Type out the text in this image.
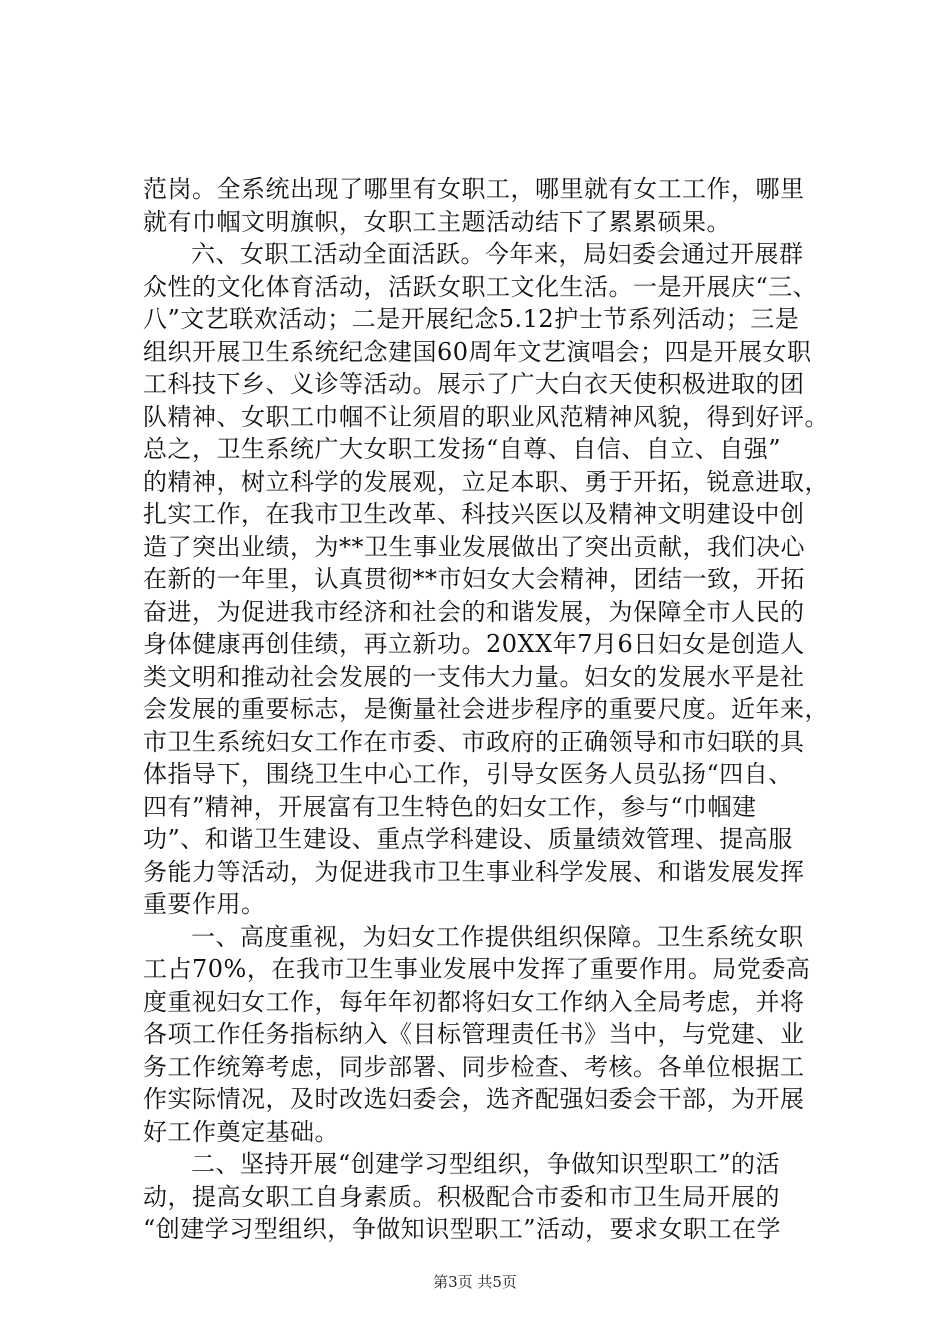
范岗。全系统出现了哪里有女职工，哪里就有女工工作，哪里
就有巾帼文明旗帜，女职工主题活动结下了累累硕果。
六、女职工活动全面活跃。今年来，局妇委会通过开展群
众性的文化体育活动，活跃女职工文化生活。一是开展庆“三、
八”文艺联欢活动；二是开展纪念5.12护士节系列活动；三是
组织开展卫生系统纪念建国60周年文艺演唱会；四是开展女职
工科技下乡、义诊等活动。展示了广大白衣天使积极进取的团
队精神、女职工巾帼不让须眉的职业风范精神风貌，得到好评。
总之，卫生系统广大女职工发扬“自尊、自信、自立、自强”
的精神，树立科学的发展观，立足本职、勇于开拓，锐意进取，
扎实工作，在我市卫生改革、科技兴医以及精神文明建设中创
造了突出业绩，为**卫生事业发展做出了突出贡献，我们决心
在新的一年里，认真贯彻**市妇女大会精神，团结一致，开拓
奋进，为促进我市经济和社会的和谐发展，为保障全市人民的
身体健康再创佳绩，再立新功。20XX年7月6日妇女是创造人
类文明和推动社会发展的一支伟大力量。妇女的发展水平是社
会发展的重要标志，是衡量社会进步程序的重要尺度。近年来，
市卫生系统妇女工作在市委、市政府的正确领导和市妇联的具
体指导下，围绕卫生中心工作，引导女医务人员弘扬“四自、
四有”精神，开展富有卫生特色的妇女工作，参与“巾帼建
功”、和谐卫生建设、重点学科建设、质量绩效管理、提高服
务能力等活动，为促进我市卫生事业科学发展、和谐发展发挥
重要作用。
一、高度重视，为妇女工作提供组织保障。卫生系统女职
工占70%，在我市卫生事业发展中发挥了重要作用。局党委高
度重视妇女工作，每年年初都将妇女工作纳入全局考虑，并将
各项工作任务指标纳入《目标管理责任书》当中，与党建、业
务工作统筹考虑，同步部署、同步检查、考核。各单位根据工
作实际情况，及时改选妇委会，选齐配强妇委会干部，为开展
好工作奠定基础。
二、坚持开展“创建学习型组织，争做知识型职工”的活
动，提高女职工自身素质。积极配合市委和市卫生局开展的
“创建学习型组织，争做知识型职工”活动，要求女职工在学
第3页 共5页
